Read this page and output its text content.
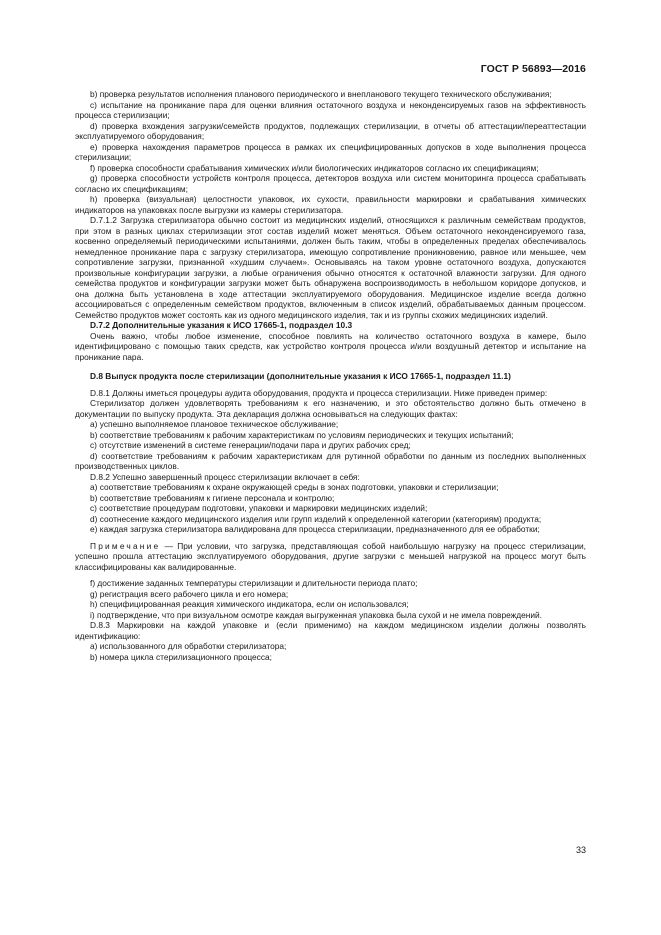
ГОСТ Р 56893—2016

b) проверка результатов исполнения планового периодического и внепланового текущего технического обслуживания;

c) испытание на проникание пара для оценки влияния остаточного воздуха и неконденсируемых газов на эффективность процесса стерилизации;

d) проверка вхождения загрузки/семейств продуктов, подлежащих стерилизации, в отчеты об аттестации/переаттестации эксплуатируемого оборудования;

e) проверка нахождения параметров процесса в рамках их специфицированных допусков в ходе выполнения процесса стерилизации;

f) проверка способности срабатывания химических и/или биологических индикаторов согласно их спецификациям;

g) проверка способности устройств контроля процесса, детекторов воздуха или систем мониторинга процесса срабатывать согласно их спецификациям;

h) проверка (визуальная) целостности упаковок, их сухости, правильности маркировки и срабатывания химических индикаторов на упаковках после выгрузки из камеры стерилизатора.

D.7.1.2 Загрузка стерилизатора обычно состоит из медицинских изделий, относящихся к различным семействам продуктов, при этом в разных циклах стерилизации этот состав изделий может меняться. Объем остаточного неконденсируемого газа, косвенно определяемый периодическими испытаниями, должен быть таким, чтобы в определенных пределах обеспечивалось немедленное проникание пара с загрузку стерилизатора, имеющую сопротивление проникновению, равное или меньшее, чем сопротивление загрузки, признанной «худшим случаем». Основываясь на таком уровне остаточного воздуха, допускаются произвольные конфигурации загрузки, а любые ограничения обычно относятся к остаточной влажности загрузки. Для одного семейства продуктов и конфигурации загрузки может быть обнаружена воспроизводимость в небольшом коридоре допусков, и она должна быть установлена в ходе аттестации эксплуатируемого оборудования. Медицинское изделие всегда должно ассоциироваться с определенным семейством продуктов, включенным в список изделий, обрабатываемых данным процессом. Семейство продуктов может состоять как из одного медицинского изделия, так и из группы схожих медицинских изделий.

D.7.2 Дополнительные указания к ИСО 17665-1, подраздел 10.3

Очень важно, чтобы любое изменение, способное повлиять на количество остаточного воздуха в камере, было идентифицировано с помощью таких средств, как устройство контроля процесса и/или воздушный детектор и испытание на проникание пара.

D.8 Выпуск продукта после стерилизации (дополнительные указания к ИСО 17665-1, подраздел 11.1)

D.8.1 Должны иметься процедуры аудита оборудования, продукта и процесса стерилизации. Ниже приведен пример:

Стерилизатор должен удовлетворять требованиям к его назначению, и это обстоятельство должно быть отмечено в документации по выпуску продукта. Эта декларация должна основываться на следующих фактах:

a) успешно выполняемое плановое техническое обслуживание;

b) соответствие требованиям к рабочим характеристикам по условиям периодических и текущих испытаний;

c) отсутствие изменений в системе генерации/подачи пара и других рабочих сред;

d) соответствие требованиям к рабочим характеристикам для рутинной обработки по данным из последних выполненных производственных циклов.

D.8.2 Успешно завершенный процесс стерилизации включает в себя:

a) соответствие требованиям к охране окружающей среды в зонах подготовки, упаковки и стерилизации;

b) соответствие требованиям к гигиене персонала и контролю;

c) соответствие процедурам подготовки, упаковки и маркировки медицинских изделий;

d) соотнесение каждого медицинского изделия или групп изделий к определенной категории (категориям) продукта;

e) каждая загрузка стерилизатора валидирована для процесса стерилизации, предназначенного для ее обработки;

Примечание — При условии, что загрузка, представляющая собой наибольшую нагрузку на процесс стерилизации, успешно прошла аттестацию эксплуатируемого оборудования, другие загрузки с меньшей нагрузкой на процесс могут быть классифицированы как валидированные.

f) достижение заданных температуры стерилизации и длительности периода плато;

g) регистрация всего рабочего цикла и его номера;

h) специфицированная реакция химического индикатора, если он использовался;

i) подтверждение, что при визуальном осмотре каждая выгруженная упаковка была сухой и не имела повреждений.

D.8.3 Маркировки на каждой упаковке и (если применимо) на каждом медицинском изделии должны позволять идентификацию:

a) использованного для обработки стерилизатора;

b) номера цикла стерилизационного процесса;

33
